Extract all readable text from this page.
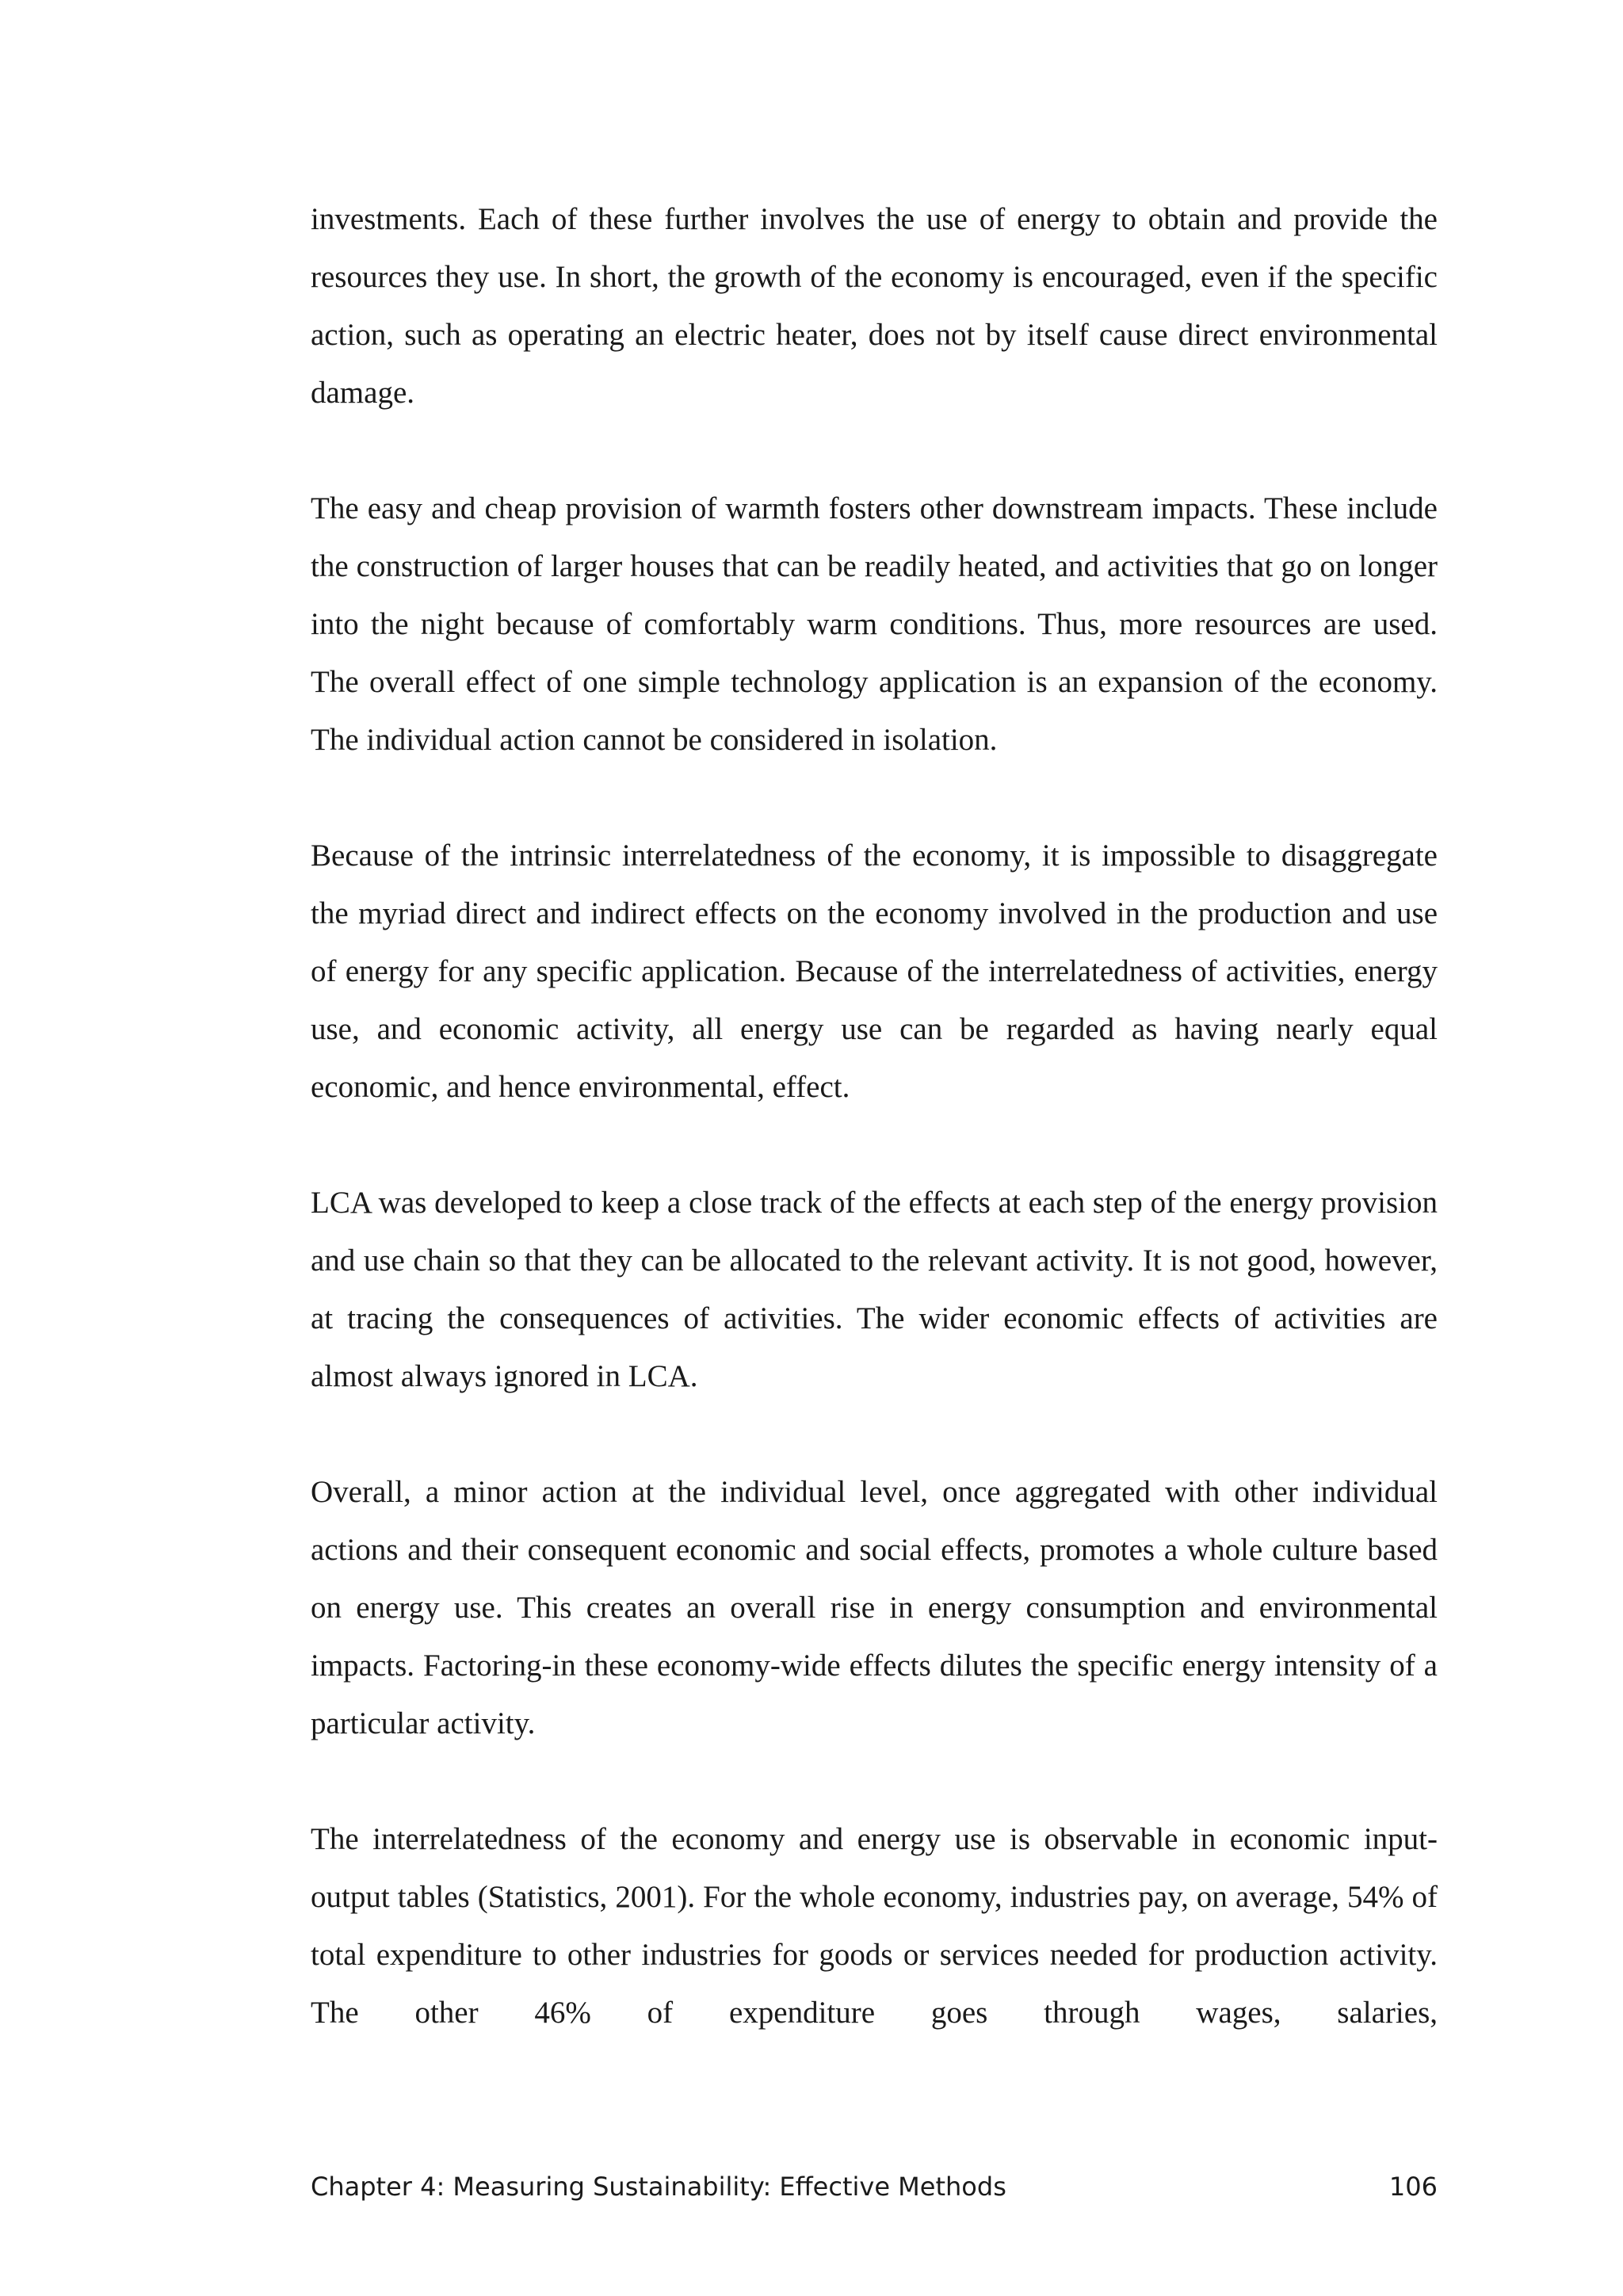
investments. Each of these further involves the use of energy to obtain and provide the resources they use. In short, the growth of the economy is encouraged, even if the specific action, such as operating an electric heater, does not by itself cause direct environmental damage.

The easy and cheap provision of warmth fosters other downstream impacts. These include the construction of larger houses that can be readily heated, and activities that go on longer into the night because of comfortably warm conditions. Thus, more resources are used. The overall effect of one simple technology application is an expansion of the economy. The individual action cannot be considered in isolation.

Because of the intrinsic interrelatedness of the economy, it is impossible to disaggregate the myriad direct and indirect effects on the economy involved in the production and use of energy for any specific application. Because of the interrelatedness of activities, energy use, and economic activity, all energy use can be regarded as having nearly equal economic, and hence environmental, effect.

LCA was developed to keep a close track of the effects at each step of the energy provision and use chain so that they can be allocated to the relevant activity. It is not good, however, at tracing the consequences of activities. The wider economic effects of activities are almost always ignored in LCA.

Overall, a minor action at the individual level, once aggregated with other individual actions and their consequent economic and social effects, promotes a whole culture based on energy use. This creates an overall rise in energy consumption and environmental impacts. Factoring-in these economy-wide effects dilutes the specific energy intensity of a particular activity.

The interrelatedness of the economy and energy use is observable in economic input-output tables (Statistics, 2001). For the whole economy, industries pay, on average, 54% of total expenditure to other industries for goods or services needed for production activity. The other 46% of expenditure goes through wages, salaries,

Chapter 4: Measuring Sustainability: Effective Methods	106
